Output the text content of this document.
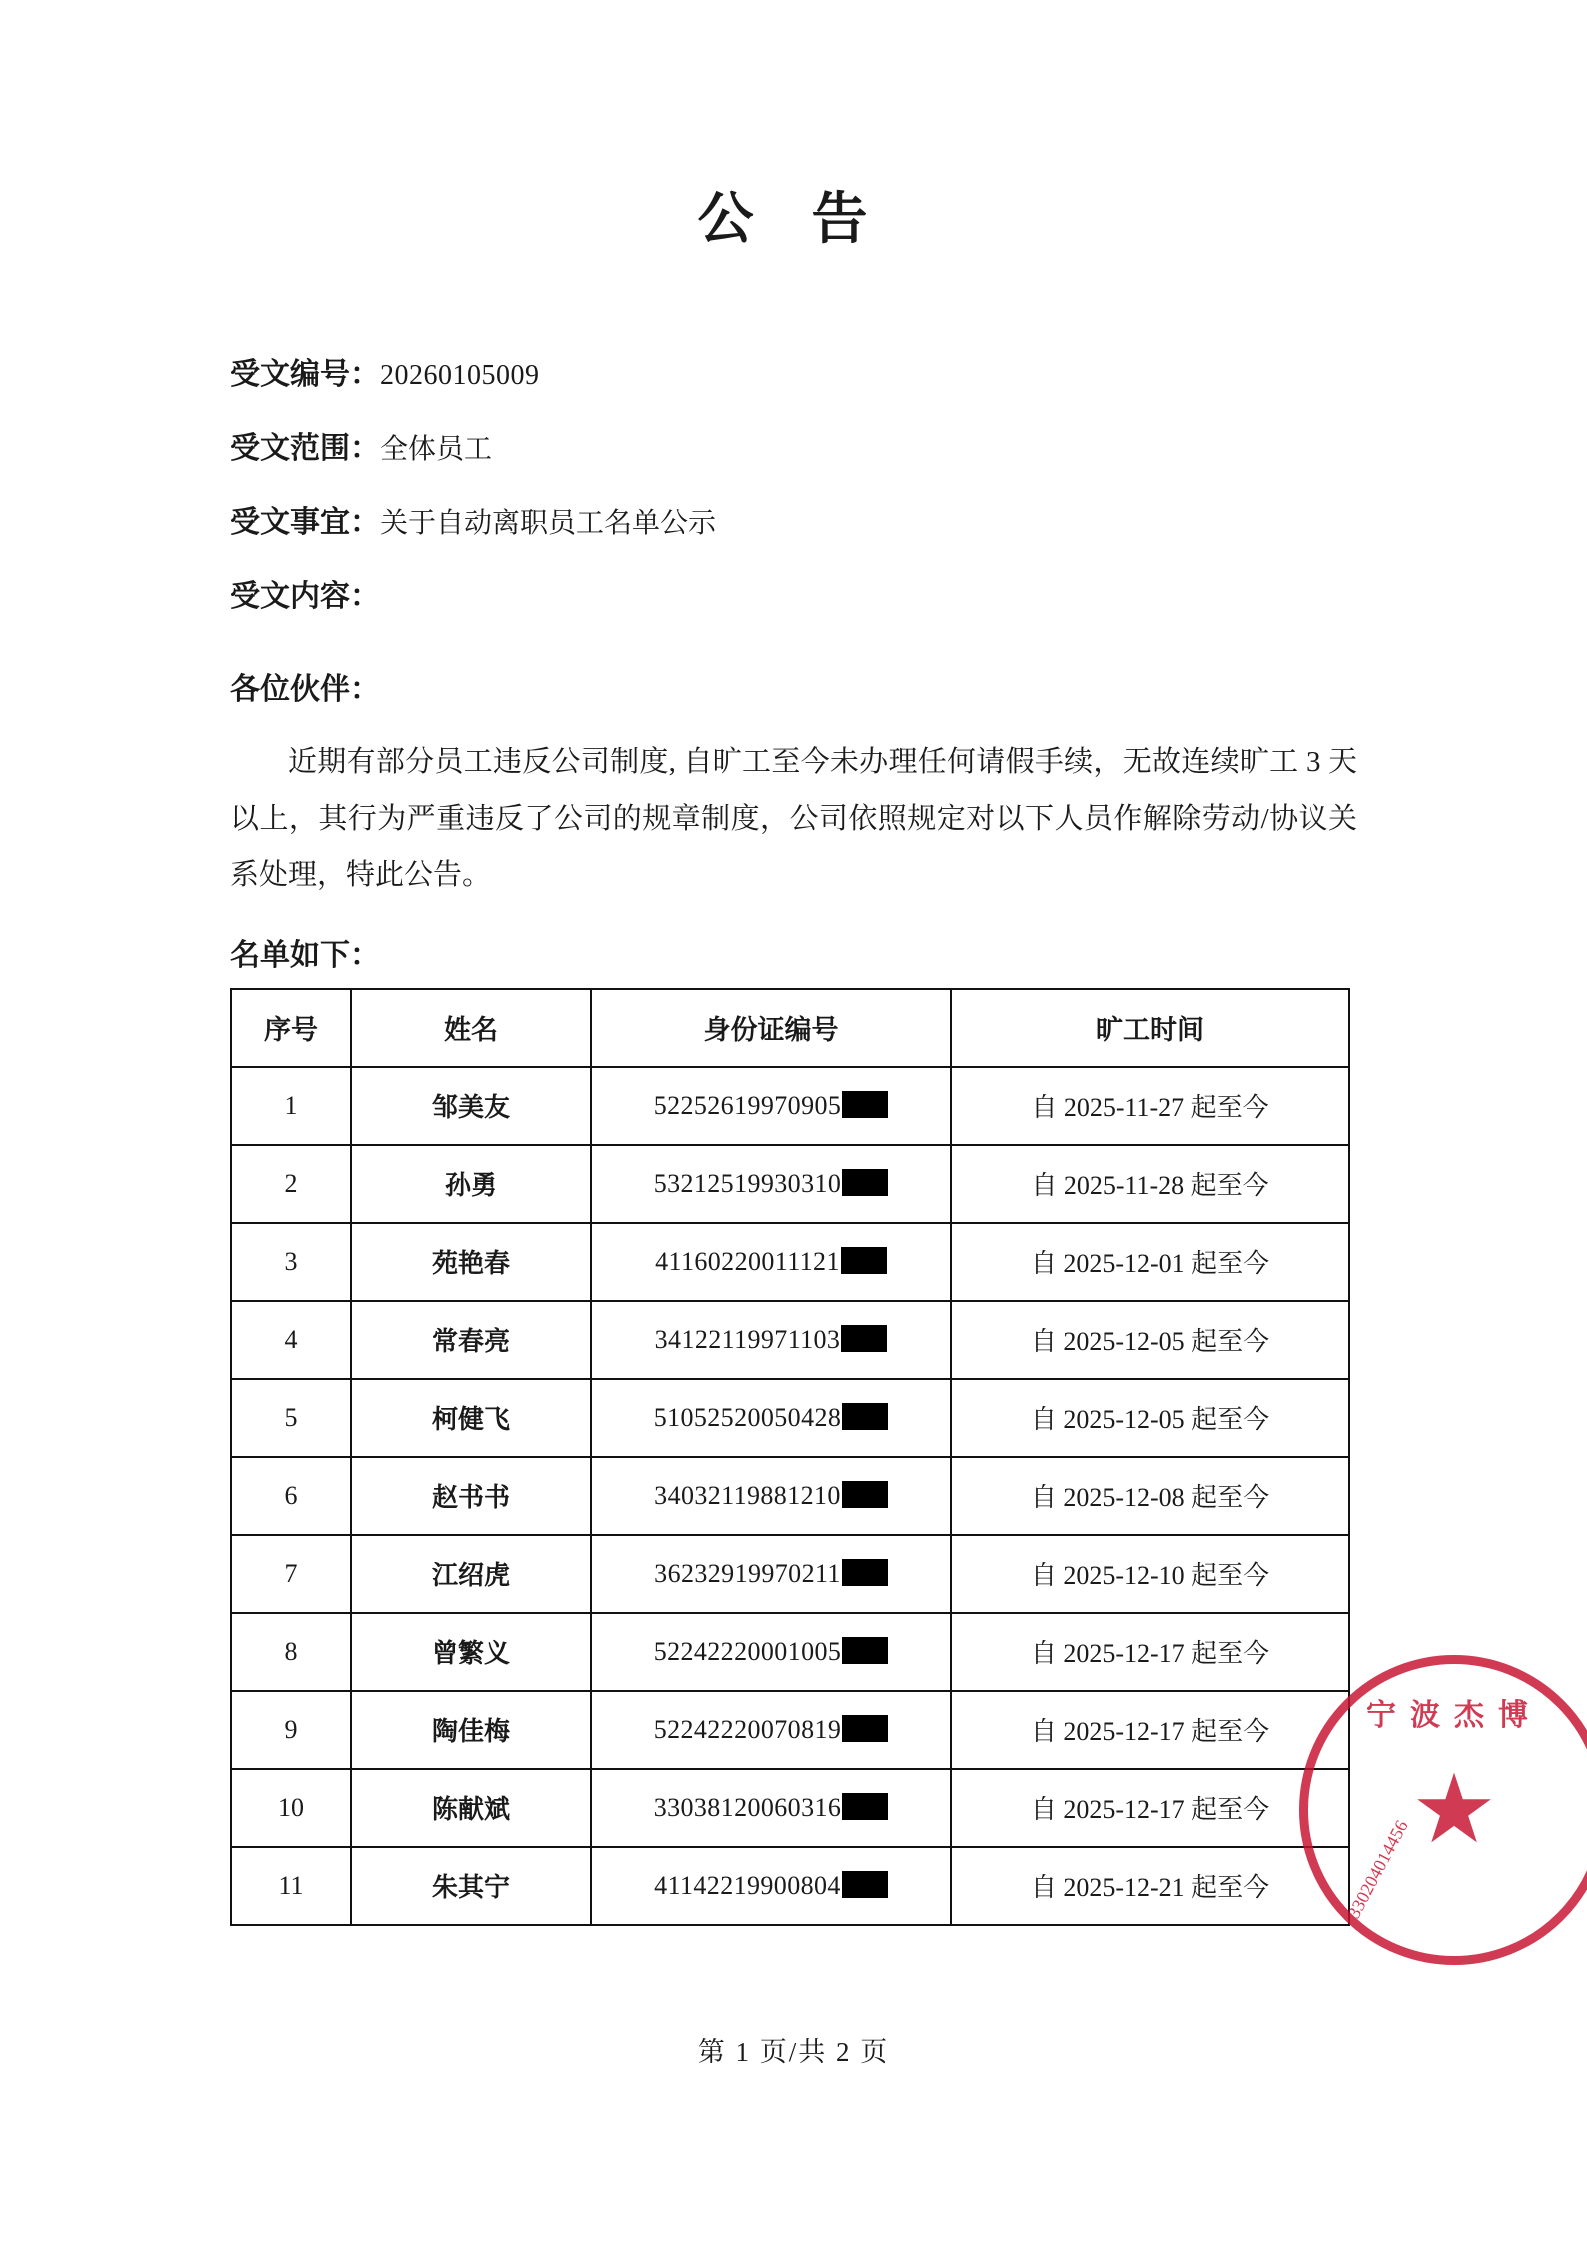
公 告
受文编号：20260105009
受文范围：全体员工
受文事宜：关于自动离职员工名单公示
受文内容：
各位伙伴：

近期有部分员工违反公司制度, 自旷工至今未办理任何请假手续，无故连续旷工 3 天以上，其行为严重违反了公司的规章制度，公司依照规定对以下人员作解除劳动/协议关系处理，特此公告。

名单如下：
序号	姓名	身份证编号	旷工时间
1	邹美友	52252619970905	自 2025-11-27 起至今
2	孙勇	53212519930310	自 2025-11-28 起至今
3	苑艳春	41160220011121	自 2025-12-01 起至今
4	常春亮	34122119971103	自 2025-12-05 起至今
5	柯健飞	51052520050428	自 2025-12-05 起至今
6	赵书书	34032119881210	自 2025-12-08 起至今
7	江绍虎	36232919970211	自 2025-12-10 起至今
8	曾繁义	52242220001005	自 2025-12-17 起至今
9	陶佳梅	52242220070819	自 2025-12-17 起至今
10	陈献斌	33038120060316	自 2025-12-17 起至今
11	朱其宁	41142219900804	自 2025-12-21 起至今
第 1 页/共 2 页
宁波杰博
★
330204014456
